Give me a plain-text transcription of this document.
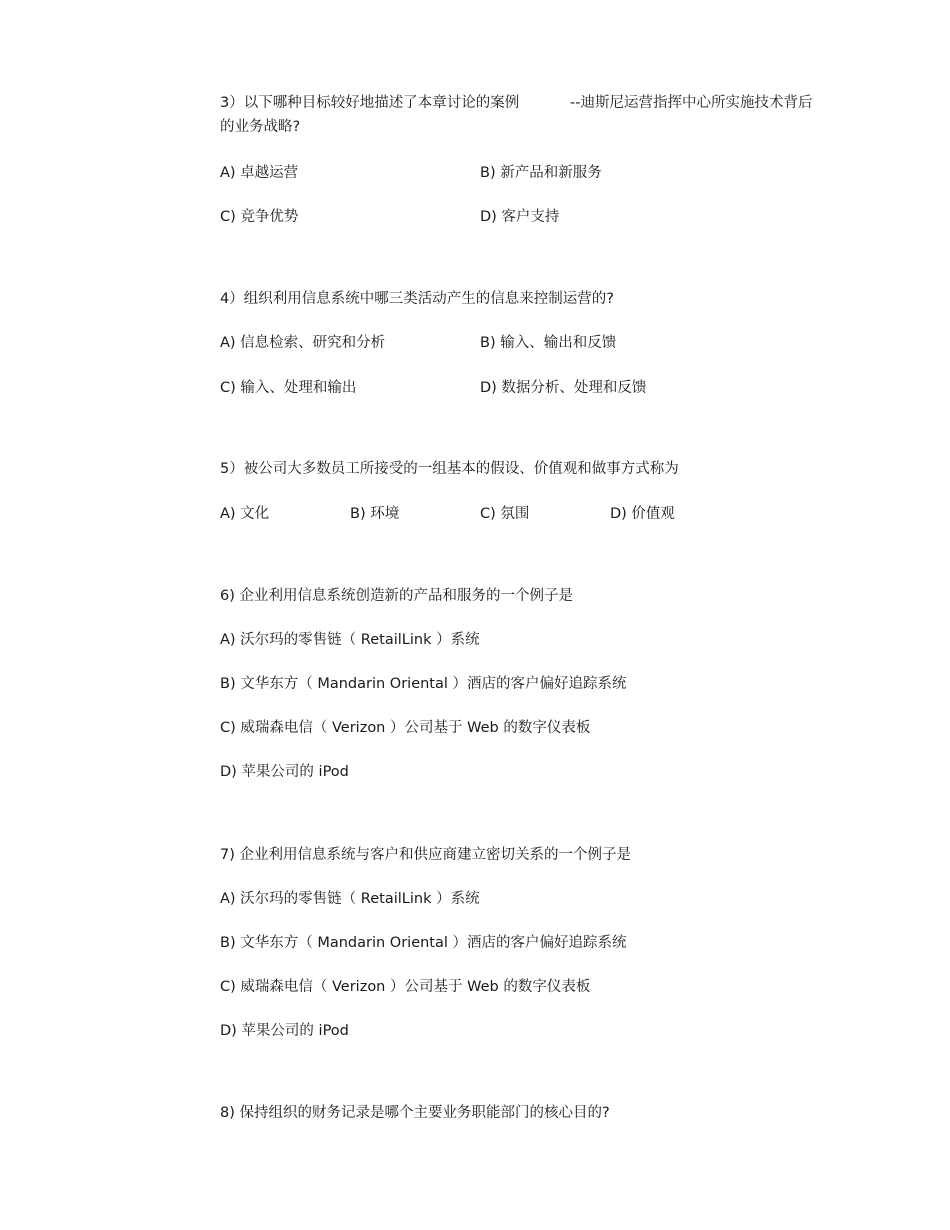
3）以下哪种目标较好地描述了本章讨论的案例	--迪斯尼运营指挥中心所实施技术背后
的业务战略?
A) 卓越运营	B) 新产品和新服务
C) 竞争优势	D) 客户支持
4）组织利用信息系统中哪三类活动产生的信息来控制运营的?
A) 信息检索、研究和分析	B) 输入、输出和反馈
C) 输入、处理和输出	D) 数据分析、处理和反馈
5）被公司大多数员工所接受的一组基本的假设、价值观和做事方式称为
A) 文化	B) 环境	C) 氛围	D) 价值观
6) 企业利用信息系统创造新的产品和服务的一个例子是
A) 沃尔玛的零售链（ RetailLink ）系统
B) 文华东方（ Mandarin Oriental ）酒店的客户偏好追踪系统
C) 威瑞森电信（ Verizon ）公司基于 Web 的数字仪表板
D) 苹果公司的 iPod
7) 企业利用信息系统与客户和供应商建立密切关系的一个例子是
A) 沃尔玛的零售链（ RetailLink ）系统
B) 文华东方（ Mandarin Oriental ）酒店的客户偏好追踪系统
C) 威瑞森电信（ Verizon ）公司基于 Web 的数字仪表板
D) 苹果公司的 iPod
8) 保持组织的财务记录是哪个主要业务职能部门的核心目的?
